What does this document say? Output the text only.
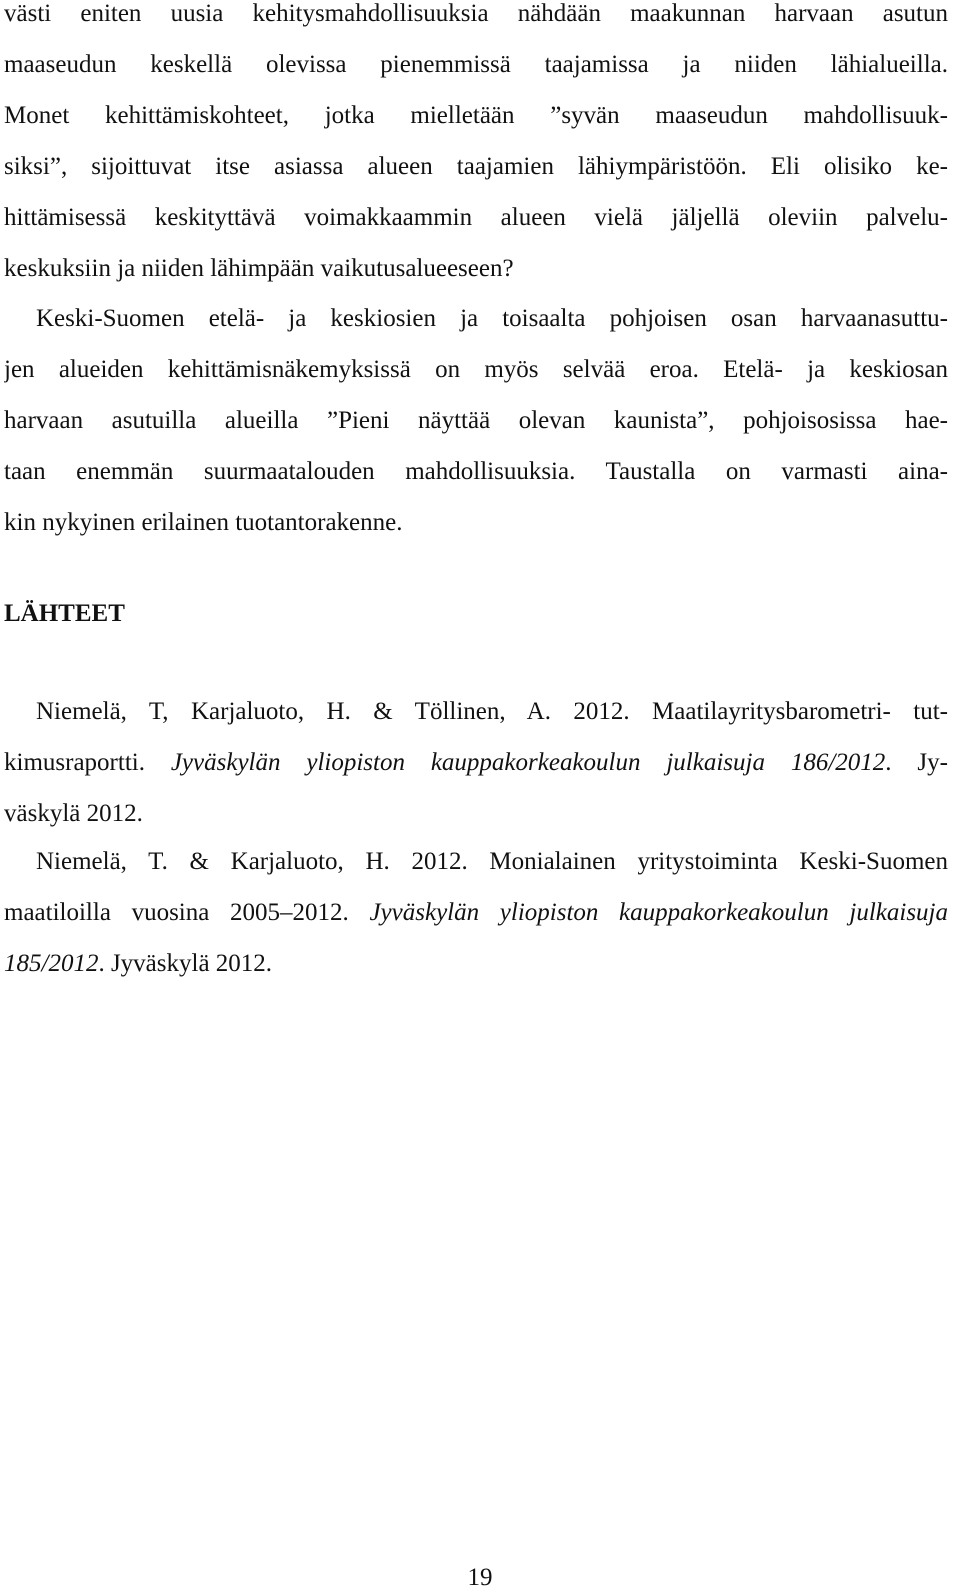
västi eniten uusia kehitysmahdollisuuksia nähdään maakunnan harvaan asutun
maaseudun keskellä olevissa pienemmissä taajamissa ja niiden lähialueilla.
Monet kehittämiskohteet, jotka mielletään ”syvän maaseudun mahdollisuuk-
siksi”, sijoittuvat itse asiassa alueen taajamien lähiympäristöön. Eli olisiko ke-
hittämisessä keskityttävä voimakkaammin alueen vielä jäljellä oleviin palvelu-
keskuksiin ja niiden lähimpään vaikutusalueeseen?
Keski-Suomen etelä- ja keskiosien ja toisaalta pohjoisen osan harvaanasuttu-
jen alueiden kehittämisnäkemyksissä on myös selvää eroa. Etelä- ja keskiosan
harvaan asutuilla alueilla ”Pieni näyttää olevan kaunista”, pohjoisosissa hae-
taan enemmän suurmaatalouden mahdollisuuksia. Taustalla on varmasti aina-
kin nykyinen erilainen tuotantorakenne.
LÄHTEET
Niemelä, T, Karjaluoto, H. & Töllinen, A. 2012. Maatilayritysbarometri- tut-
kimusraportti. Jyväskylän yliopiston kauppakorkeakoulun julkaisuja 186/2012. Jy-
väskylä 2012.
Niemelä, T. & Karjaluoto, H. 2012. Monialainen yritystoiminta Keski-Suomen
maatiloilla vuosina 2005–2012. Jyväskylän yliopiston kauppakorkeakoulun julkaisuja
185/2012. Jyväskylä 2012.
19
